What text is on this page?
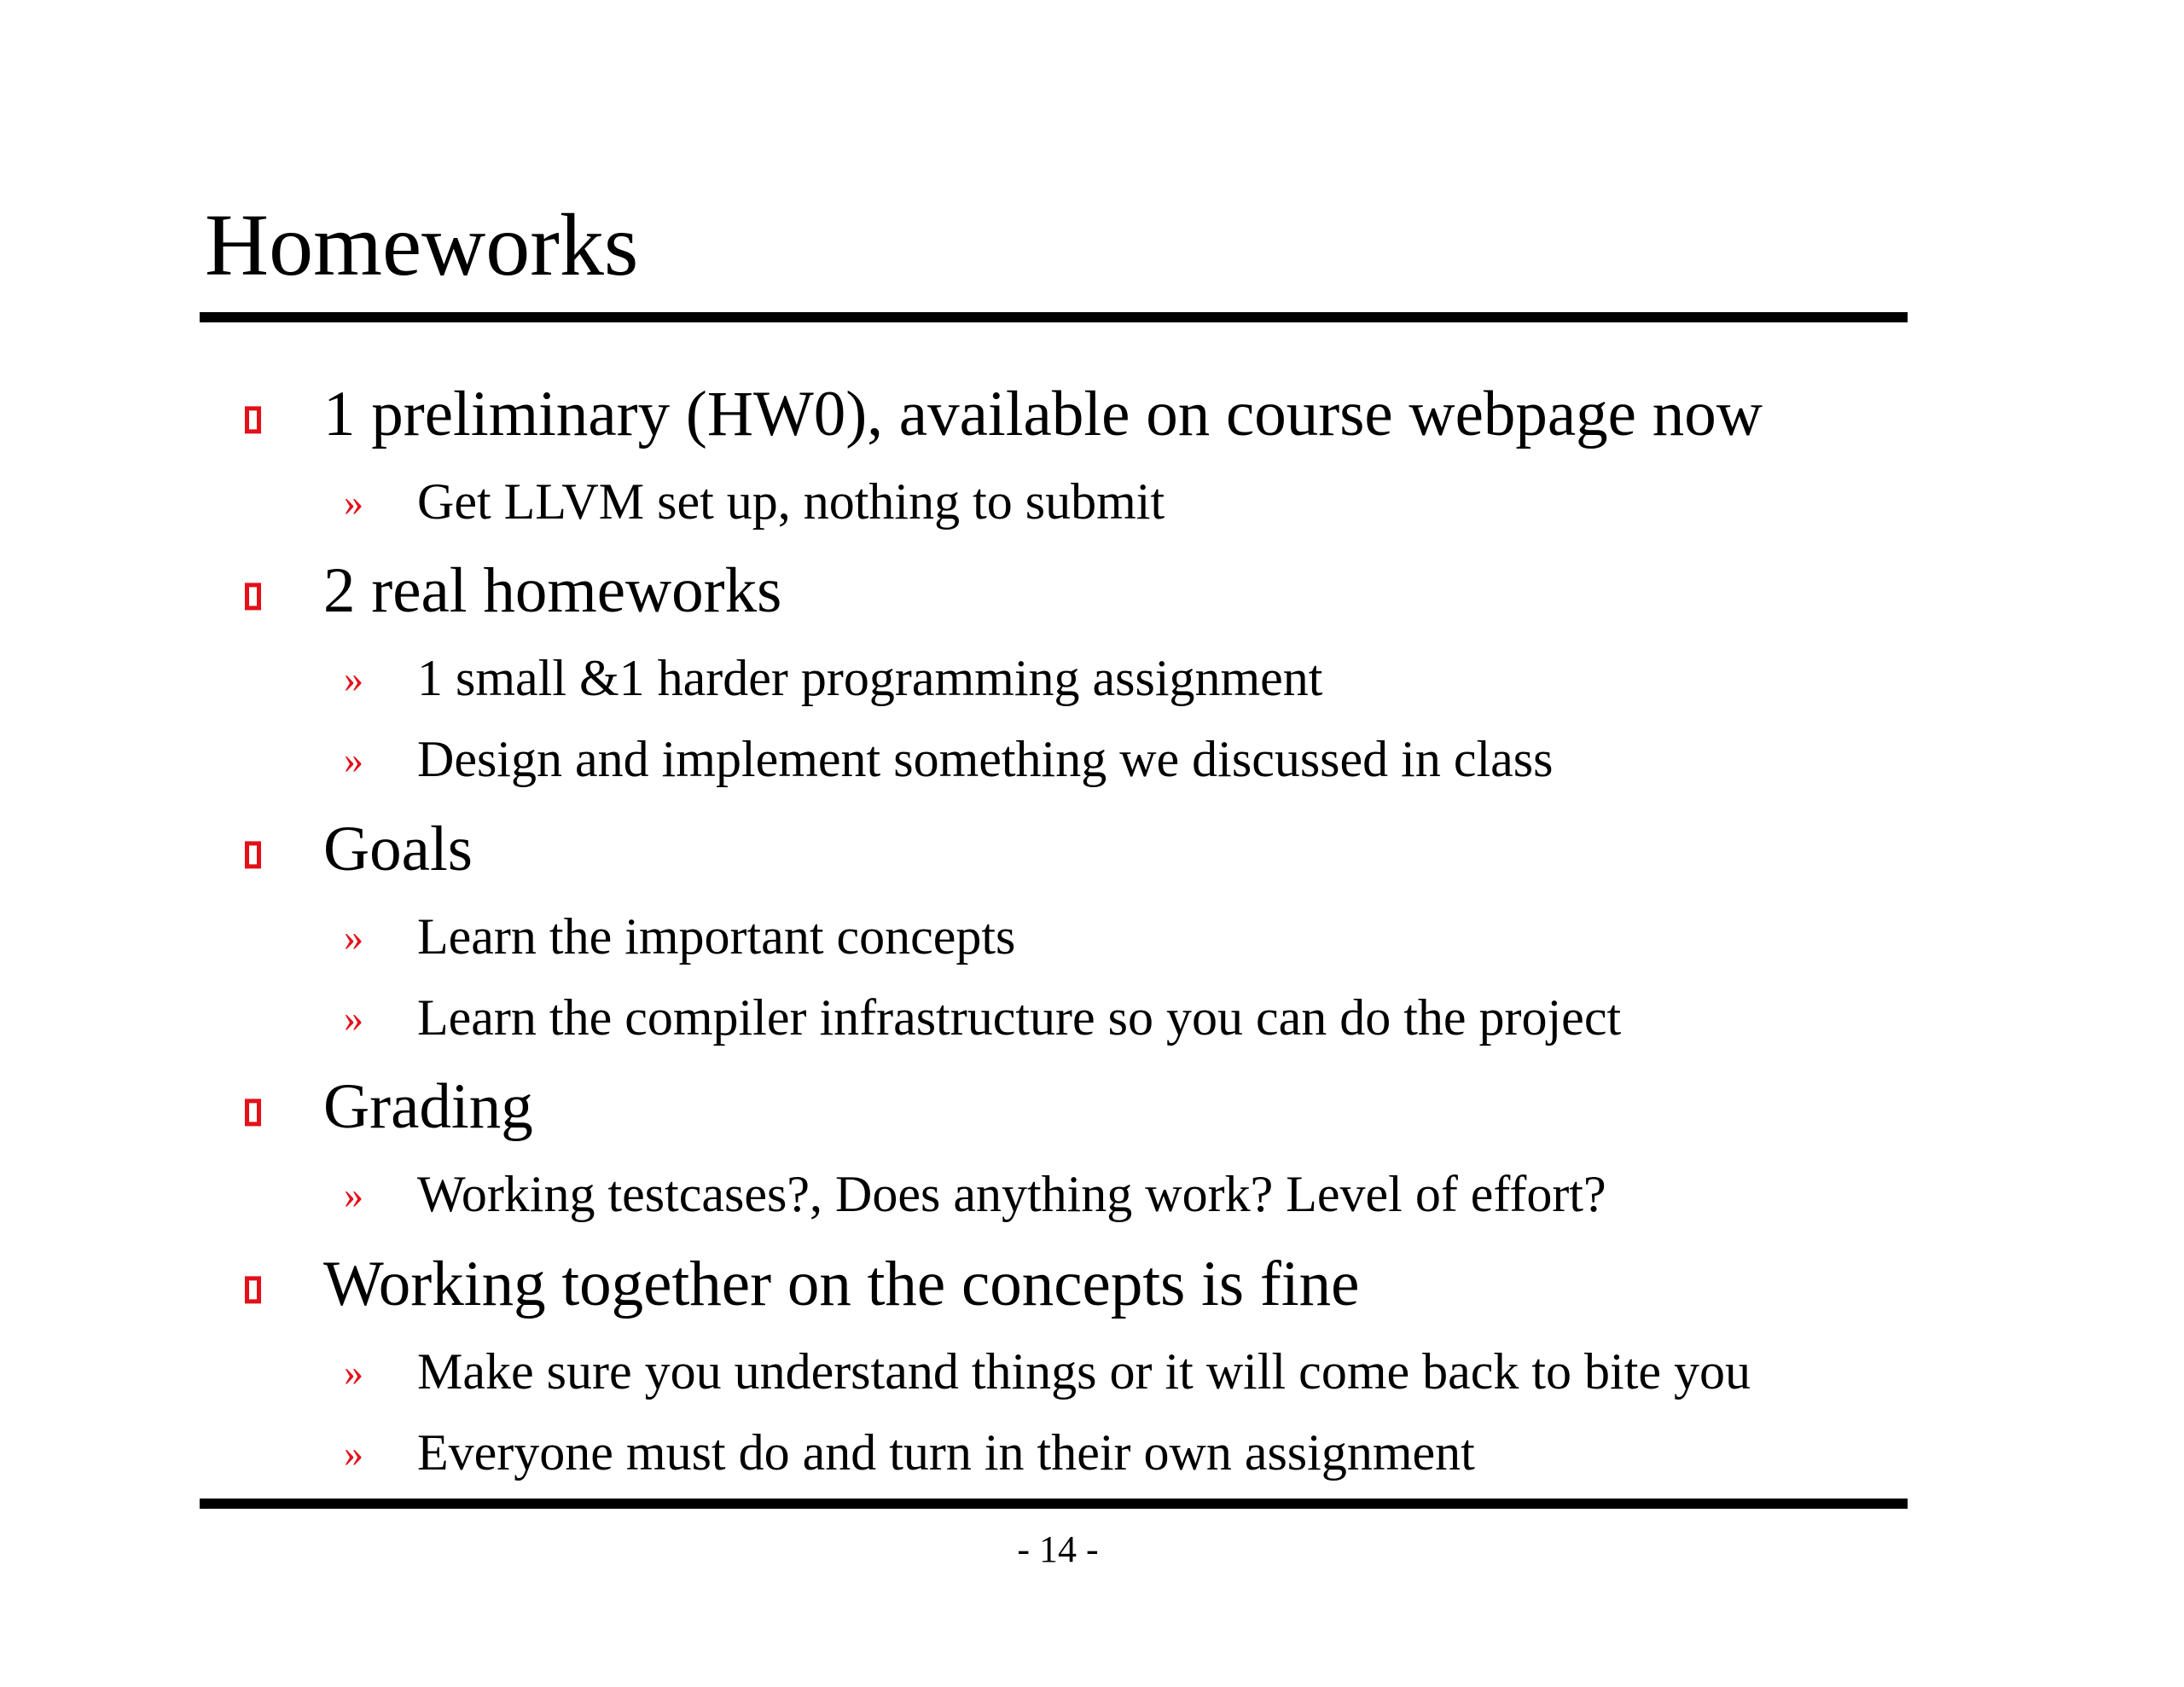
Homeworks
1 preliminary (HW0), available on course webpage now
» Get LLVM set up, nothing to submit
2 real homeworks
» 1 small &1 harder programming assignment
» Design and implement something we discussed in class
Goals
» Learn the important concepts
» Learn the compiler infrastructure so you can do the project
Grading
» Working testcases?, Does anything work? Level of effort?
Working together on the concepts is fine
» Make sure you understand things or it will come back to bite you
» Everyone must do and turn in their own assignment
- 14 -
